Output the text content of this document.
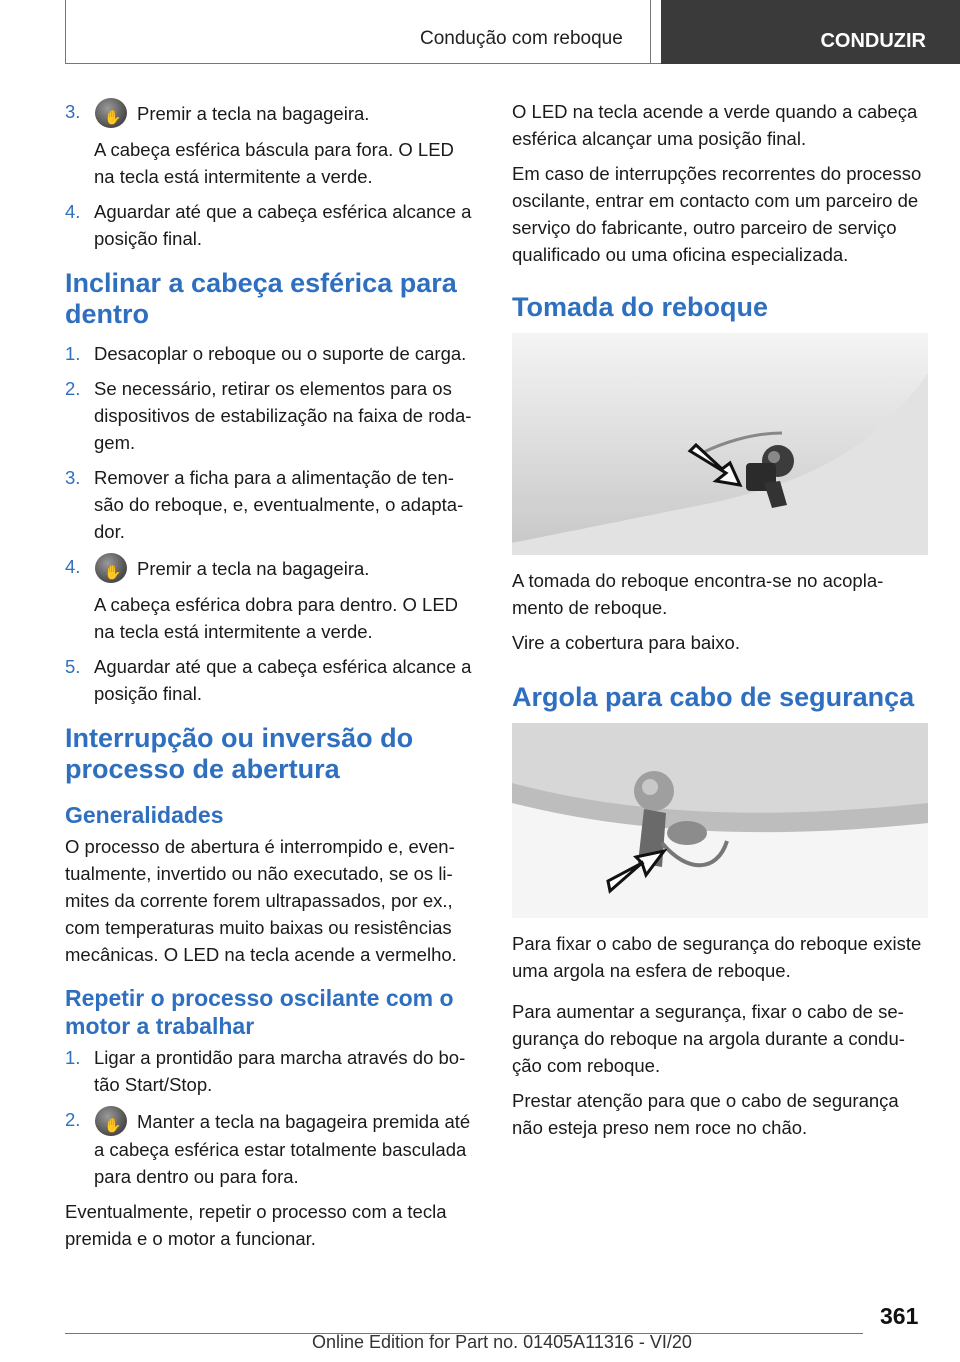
Condução com reboque	CONDUZIR
3. ✋ Premir a tecla na bagageira.
A cabeça esférica báscula para fora. O LED na tecla está intermitente a verde.
4. Aguardar até que a cabeça esférica alcance a posição final.
Inclinar a cabeça esférica para dentro
1. Desacoplar o reboque ou o suporte de carga.
2. Se necessário, retirar os elementos para os dispositivos de estabilização na faixa de rodagem.
3. Remover a ficha para a alimentação de tensão do reboque, e, eventualmente, o adaptador.
4. ✋ Premir a tecla na bagageira.
A cabeça esférica dobra para dentro. O LED na tecla está intermitente a verde.
5. Aguardar até que a cabeça esférica alcance a posição final.
Interrupção ou inversão do processo de abertura
Generalidades

O processo de abertura é interrompido e, eventualmente, invertido ou não executado, se os limites da corrente forem ultrapassados, por ex., com temperaturas muito baixas ou resistências mecânicas. O LED na tecla acende a vermelho.

Repetir o processo oscilante com o motor a trabalhar
1. Ligar a prontidão para marcha através do botão Start/Stop.
2. ✋ Manter a tecla na bagageira premida até a cabeça esférica estar totalmente basculada para dentro ou para fora.

Eventualmente, repetir o processo com a tecla premida e o motor a funcionar.

O LED na tecla acende a verde quando a cabeça esférica alcançar uma posição final.

Em caso de interrupções recorrentes do processo oscilante, entrar em contacto com um parceiro de serviço do fabricante, outro parceiro de serviço qualificado ou uma oficina especializada.

Tomada do reboque

A tomada do reboque encontra-se no acoplamento de reboque.

Vire a cobertura para baixo.

Argola para cabo de segurança

Para fixar o cabo de segurança do reboque existe uma argola na esfera de reboque.

Para aumentar a segurança, fixar o cabo de segurança do reboque na argola durante a condução com reboque.

Prestar atenção para que o cabo de segurança não esteja preso nem roce no chão.

361
Online Edition for Part no. 01405A11316 - VI/20
